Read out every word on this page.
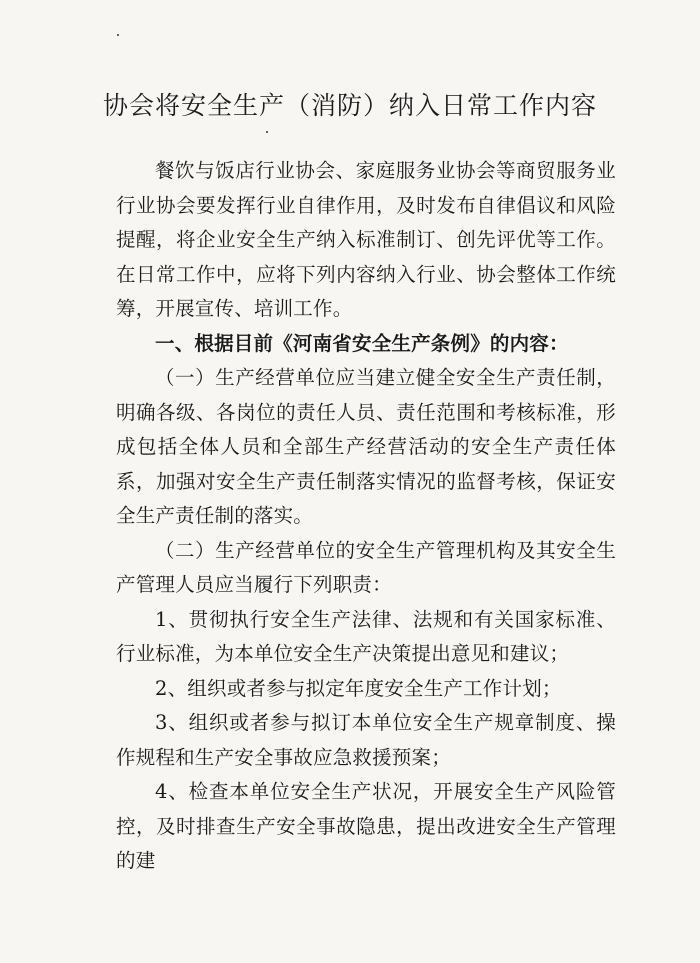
协会将安全生产（消防）纳入日常工作内容

餐饮与饭店行业协会、家庭服务业协会等商贸服务业行业协会要发挥行业自律作用，及时发布自律倡议和风险提醒，将企业安全生产纳入标准制订、创先评优等工作。在日常工作中，应将下列内容纳入行业、协会整体工作统筹，开展宣传、培训工作。

一、根据目前《河南省安全生产条例》的内容：

（一）生产经营单位应当建立健全安全生产责任制，明确各级、各岗位的责任人员、责任范围和考核标准，形成包括全体人员和全部生产经营活动的安全生产责任体系，加强对安全生产责任制落实情况的监督考核，保证安全生产责任制的落实。

（二）生产经营单位的安全生产管理机构及其安全生产管理人员应当履行下列职责：

1、贯彻执行安全生产法律、法规和有关国家标准、行业标准，为本单位安全生产决策提出意见和建议；

2、组织或者参与拟定年度安全生产工作计划；

3、组织或者参与拟订本单位安全生产规章制度、操作规程和生产安全事故应急救援预案；

4、检查本单位安全生产状况，开展安全生产风险管控，及时排查生产安全事故隐患，提出改进安全生产管理的建
